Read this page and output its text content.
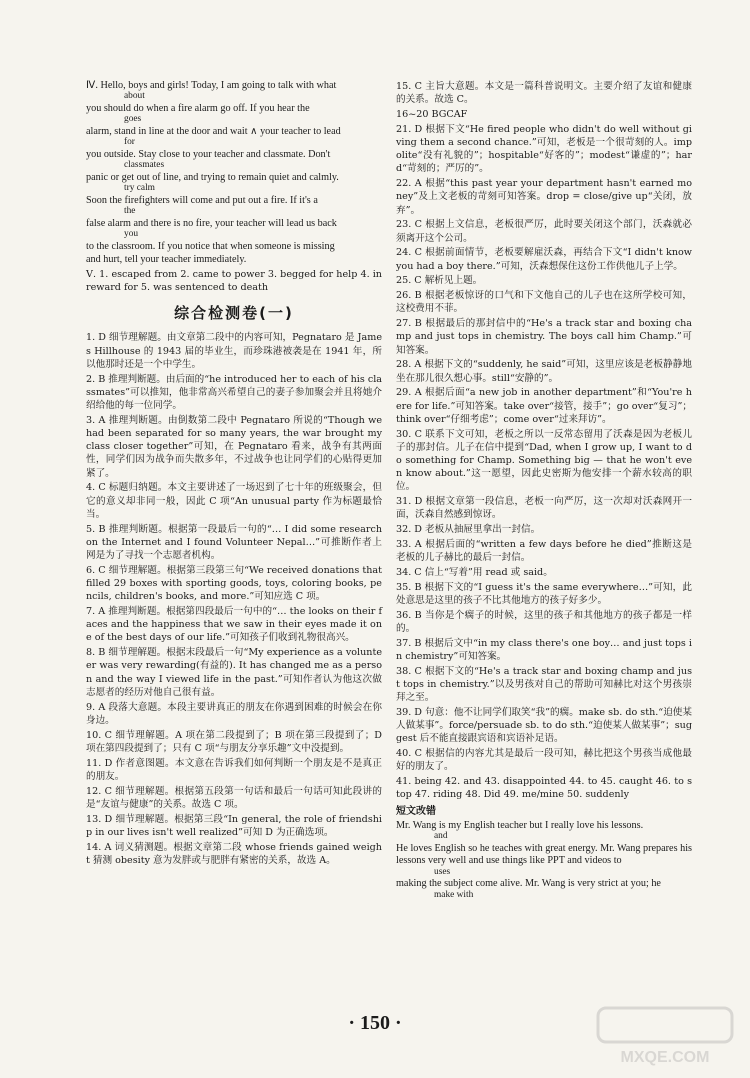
Ⅳ. Hello, boys and girls! Today, I am going to talk with what
about
you should do when a fire alarm go off. If you hear the
goes
alarm, stand in line at the door and wait ∧ your teacher to lead
for
you outside. Stay close to your teacher and classmate. Don't
classmates
panic or get out of line, and trying to remain quiet and calmly.
try calm
Soon the firefighters will come and put out a fire. If it's a
the
false alarm and there is no fire, your teacher will lead us back
you
to the classroom. If you notice that when someone is missing
and hurt, tell your teacher immediately.
Ⅴ. 1. escaped from 2. came to power 3. begged for help 4. in reward for 5. was sentenced to death
综合检测卷(一)
1. D 细节理解题。由文章第二段中的内容可知，Pegnataro 是 James Hillhouse 的 1943 届的毕业生，而珍珠港被袭是在 1941 年，所以他那时还是一个中学生。
2. B 推理判断题。由后面的“he introduced her to each of his classmates”可以推知，他非常高兴希望自己的妻子参加聚会并且将她介绍给他的每一位同学。
3. A 推理判断题。由倒数第二段中 Pegnataro 所说的“Though we had been separated for so many years, the war brought my class closer together”可知，在 Pegnataro 看来，战争有其两面性，同学们因为战争而失散多年，不过战争也让同学们的心贴得更加紧了。
4. C 标题归纳题。本文主要讲述了一场迟到了七十年的班级聚会，但它的意义却非同一般，因此 C 项“An unusual party 作为标题最恰当。
5. B 推理判断题。根据第一段最后一句的“… I did some research on the Internet and I found Volunteer Nepal…”可推断作者上网是为了寻找一个志愿者机构。
6. C 细节理解题。根据第三段第三句“We received donations that filled 29 boxes with sporting goods, toys, coloring books, pencils, children's books, and more.”可知应选 C 项。
7. A 推理判断题。根据第四段最后一句中的“… the looks on their faces and the happiness that we saw in their eyes made it one of the best days of our life.”可知孩子们收到礼物很高兴。
8. B 细节理解题。根据末段最后一句“My experience as a volunteer was very rewarding(有益的). It has changed me as a person and the way I viewed life in the past.”可知作者认为他这次做志愿者的经历对他自己很有益。
9. A 段落大意题。本段主要讲真正的朋友在你遇到困难的时候会在你身边。
10. C 细节理解题。A 项在第二段提到了；B 项在第三段提到了；D 项在第四段提到了；只有 C 项“与朋友分享乐趣”文中没提到。
11. D 作者意图题。本文意在告诉我们如何判断一个朋友是不是真正的朋友。
12. C 细节理解题。根据第五段第一句话和最后一句话可知此段讲的是“友谊与健康”的关系。故选 C 项。
13. D 细节理解题。根据第三段“In general, the role of friendship in our lives isn't well realized”可知 D 为正确选项。
14. A 词义猜测题。根据文章第二段 whose friends gained weight 猜测 obesity 意为发胖或与肥胖有紧密的关系，故选 A。
15. C 主旨大意题。本文是一篇科普说明文。主要介绍了友谊和健康的关系。故选 C。
16~20 BGCAF
21. D 根据下文“He fired people who didn't do well without giving them a second chance.”可知，老板是一个很苛刻的人。impolite“没有礼貌的”；hospitable“好客的”；modest“谦虚的”；hard“苛刻的；严厉的”。
22. A 根据“this past year your department hasn't earned money”及上文老板的苛刻可知答案。drop = close/give up“关闭，放弃”。
23. C 根据上文信息，老板很严厉，此时要关闭这个部门，沃森就必须离开这个公司。
24. C 根据前面情节，老板要解雇沃森，再结合下文“I didn't know you had a boy there.”可知，沃森想保住这份工作供他儿子上学。
25. C 解析见上题。
26. B 根据老板惊讶的口气和下文他自己的儿子也在这所学校可知，这校费用不菲。
27. B 根据最后的那封信中的“He's a track star and boxing champ and just tops in chemistry. The boys call him Champ.”可知答案。
28. A 根据下文的“suddenly, he said”可知，这里应该是老板静静地坐在那儿很久想心事。still“安静的”。
29. A 根据后面“a new job in another department”和“You're here for life.”可知答案。take over“接管，接手”；go over“复习”；think over“仔细考虑”；come over“过来拜访”。
30. C 联系下文可知，老板之所以一反常态留用了沃森是因为老板儿子的那封信。儿子在信中提到“Dad, when I grow up, I want to do something for Champ. Something big — that he won't even know about.”这一愿望，因此史密斯为他安排一个薪水较高的职位。
31. D 根据文章第一段信息，老板一向严厉，这一次却对沃森网开一面，沃森自然感到惊讶。
32. D 老板从抽屉里拿出一封信。
33. A 根据后面的“written a few days before he died”推断这是老板的儿子赫比的最后一封信。
34. C 信上“写着”用 read 或 said。
35. B 根据下文的“I guess it's the same everywhere…”可知，此处意思是这里的孩子不比其他地方的孩子好多少。
36. B 当你是个瘸子的时候，这里的孩子和其他地方的孩子都是一样的。
37. B 根据后文中“in my class there's one boy… and just tops in chemistry”可知答案。
38. C 根据下文的“He's a track star and boxing champ and just tops in chemistry.”以及男孩对自己的帮助可知赫比对这个男孩崇拜之至。
39. D 句意：他不让同学们取笑“我”的瘸。make sb. do sth.“迫使某人做某事”。force/persuade sb. to do sth.“迫使某人做某事”；suggest 后不能直接跟宾语和宾语补足语。
40. C 根据信的内容尤其是最后一段可知，赫比把这个男孩当成他最好的朋友了。
41. being 42. and 43. disappointed 44. to 45. caught 46. to stop 47. riding 48. Did 49. me/mine 50. suddenly
短文改错
Mr. Wang is my English teacher but I really love his lessons.
and
He loves English so he teaches with great energy. Mr. Wang prepares his lessons very well and use things like PPT and videos to
uses
making the subject come alive. Mr. Wang is very strict at you; he
make with
· 150 ·
MXQE.COM
